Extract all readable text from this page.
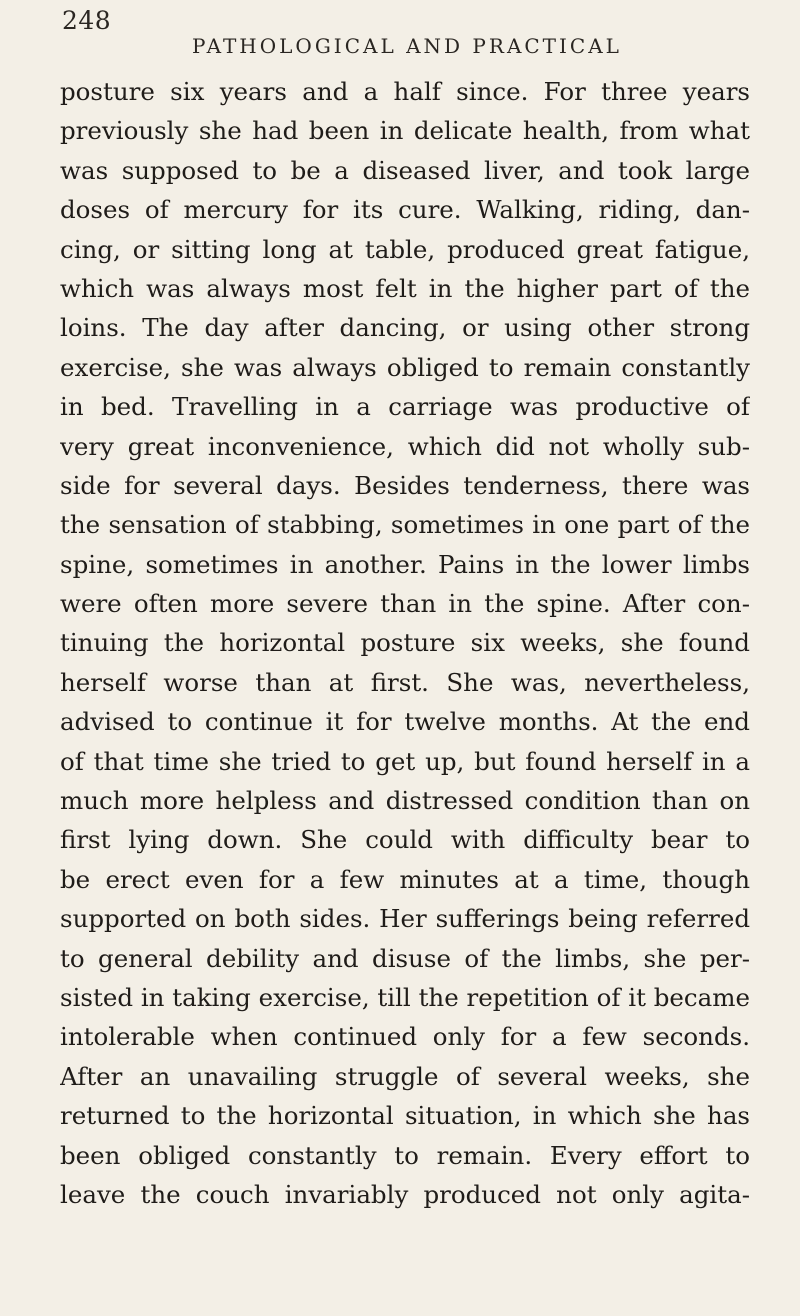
248
PATHOLOGICAL AND PRACTICAL
posture six years and a half since. For three years
previously she had been in delicate health, from what
was supposed to be a diseased liver, and took large
doses of mercury for its cure. Walking, riding, dan-
cing, or sitting long at table, produced great fatigue,
which was always most felt in the higher part of the
loins. The day after dancing, or using other strong
exercise, she was always obliged to remain constantly
in bed. Travelling in a carriage was productive of
very great inconvenience, which did not wholly sub-
side for several days. Besides tenderness, there was
the sensation of stabbing, sometimes in one part of the
spine, sometimes in another. Pains in the lower limbs
were often more severe than in the spine. After con-
tinuing the horizontal posture six weeks, she found
herself worse than at first. She was, nevertheless,
advised to continue it for twelve months. At the end
of that time she tried to get up, but found herself in a
much more helpless and distressed condition than on
first lying down. She could with difficulty bear to
be erect even for a few minutes at a time, though
supported on both sides. Her sufferings being referred
to general debility and disuse of the limbs, she per-
sisted in taking exercise, till the repetition of it became
intolerable when continued only for a few seconds.
After an unavailing struggle of several weeks, she
returned to the horizontal situation, in which she has
been obliged constantly to remain. Every effort to
leave the couch invariably produced not only agita-
